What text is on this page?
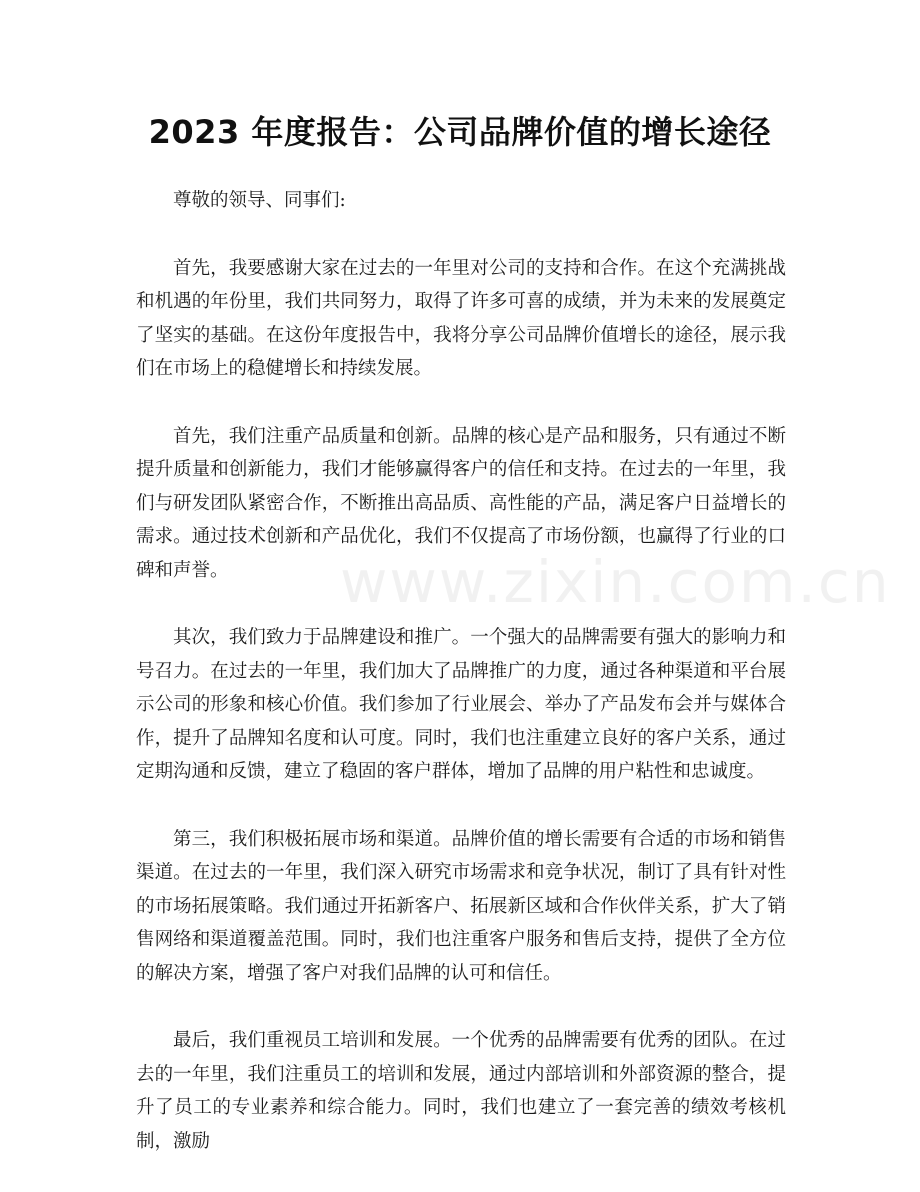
2023 年度报告：公司品牌价值的增长途径
www.zixin.com.cn

尊敬的领导、同事们:

首先，我要感谢大家在过去的一年里对公司的支持和合作。在这个充满挑战和机遇的年份里，我们共同努力，取得了许多可喜的成绩，并为未来的发展奠定了坚实的基础。在这份年度报告中，我将分享公司品牌价值增长的途径，展示我们在市场上的稳健增长和持续发展。

首先，我们注重产品质量和创新。品牌的核心是产品和服务，只有通过不断提升质量和创新能力，我们才能够赢得客户的信任和支持。在过去的一年里，我们与研发团队紧密合作，不断推出高品质、高性能的产品，满足客户日益增长的需求。通过技术创新和产品优化，我们不仅提高了市场份额，也赢得了行业的口碑和声誉。

其次，我们致力于品牌建设和推广。一个强大的品牌需要有强大的影响力和号召力。在过去的一年里，我们加大了品牌推广的力度，通过各种渠道和平台展示公司的形象和核心价值。我们参加了行业展会、举办了产品发布会并与媒体合作，提升了品牌知名度和认可度。同时，我们也注重建立良好的客户关系，通过定期沟通和反馈，建立了稳固的客户群体，增加了品牌的用户粘性和忠诚度。

第三，我们积极拓展市场和渠道。品牌价值的增长需要有合适的市场和销售渠道。在过去的一年里，我们深入研究市场需求和竞争状况，制订了具有针对性的市场拓展策略。我们通过开拓新客户、拓展新区域和合作伙伴关系，扩大了销售网络和渠道覆盖范围。同时，我们也注重客户服务和售后支持，提供了全方位的解决方案，增强了客户对我们品牌的认可和信任。

最后，我们重视员工培训和发展。一个优秀的品牌需要有优秀的团队。在过去的一年里，我们注重员工的培训和发展，通过内部培训和外部资源的整合，提升了员工的专业素养和综合能力。同时，我们也建立了一套完善的绩效考核机制，激励
